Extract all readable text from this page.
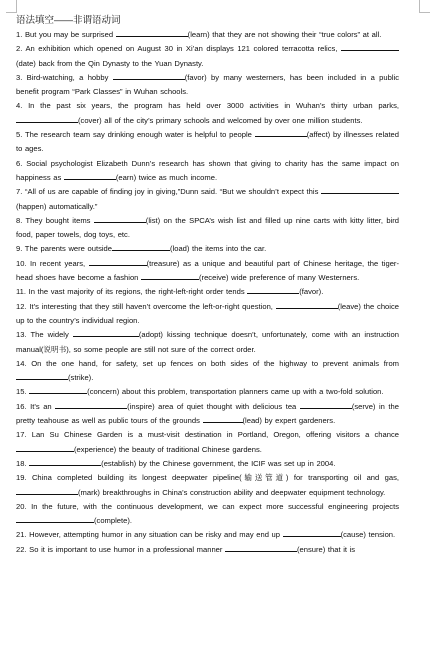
语法填空——非谓语动词
1. But you may be surprised	(learn) that they are not showing their “true colors” at all.
2. An exhibition which opened on August 30 in Xi’an displays 121 colored terracotta relics, (date) back from the Qin Dynasty to the Yuan Dynasty.
3. Bird-watching, a hobby	(favor) by many westerners, has been included in a public benefit program “Park Classes” in Wuhan schools.
4. In the past six years, the program has held over 3000 activities in Wuhan’s thirty urban parks, (cover) all of the city’s primary schools and welcomed by over one million students.
5. The research team say drinking enough water is helpful to people	(affect) by illnesses related to ages.
6. Social psychologist Elizabeth Dunn’s research has shown that giving to charity has the same impact on happiness as	(earn) twice as much income.
7. “All of us are capable of finding joy in giving,”Dunn said. “But we shouldn’t expect this (happen) automatically.”
8. They bought items	(list) on the SPCA’s wish list and filled up nine carts with kitty litter, bird food, paper towels, dog toys, etc.
9. The parents were outside	(load) the items into the car.
10. In recent years,	(treasure) as a unique and beautiful part of Chinese heritage, the tiger-head shoes have become a fashion	(receive) wide preference of many Westerners.
11. In the vast majority of its regions, the right-left-right order tends	(favor).
12. It’s interesting that they still haven’t overcome the left-or-right question,	(leave) the choice up to the country’s individual region.
13. The widely	(adopt) kissing technique doesn’t, unfortunately, come with an instruction manual(说明书), so some people are still not sure of the correct order.
14. On the one hand, for safety, set up fences on both sides of the highway to prevent animals from (strike).
15.	(concern) about this problem, transportation planners came up with a two-fold solution.
16. It’s an	(inspire) area of quiet thought with delicious tea	(serve) in the pretty teahouse as well as public tours of the grounds	(lead) by expert gardeners.
17. Lan Su Chinese Garden is a must-visit destination in Portland, Oregon, offering visitors a chance (experience) the beauty of traditional Chinese gardens.
18.	(establish) by the Chinese government, the ICIF was set up in 2004.
19. China completed building its longest deepwater pipeline(输送管道) for transporting oil and gas, (mark) breakthroughs in China’s construction ability and deepwater equipment technology.
20. In the future, with the continuous development, we can expect more successful engineering projects (complete).
21. However, attempting humor in any situation can be risky and may end up	(cause) tension.
22. So it is important to use humor in a professional manner	(ensure) that it is
